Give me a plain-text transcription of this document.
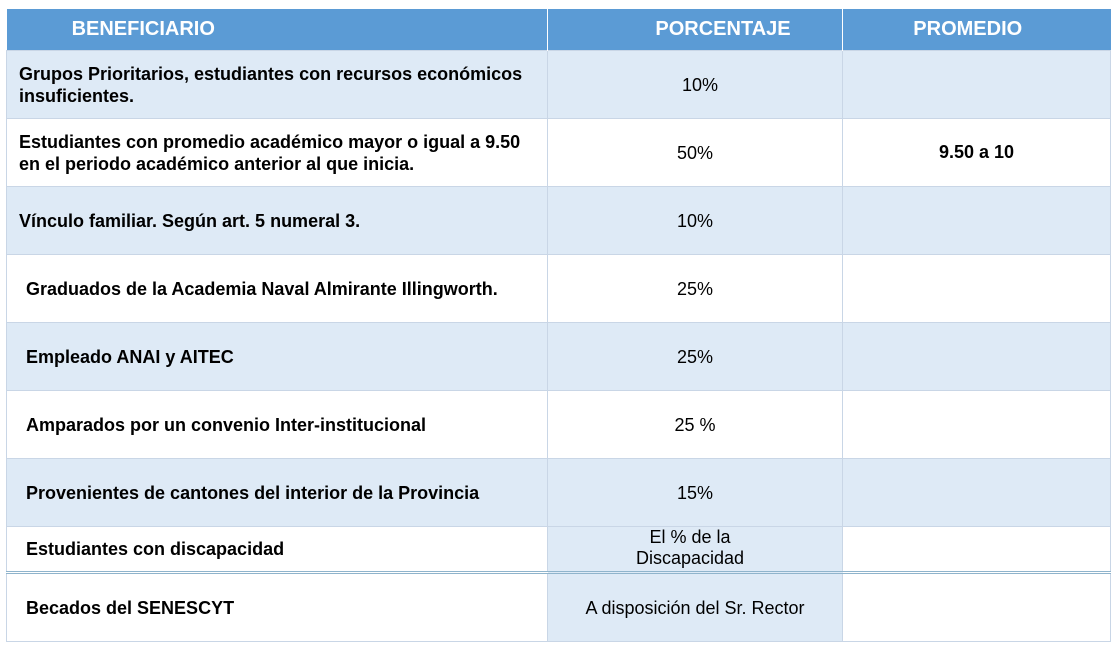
BENEFICIARIO	PORCENTAJE	PROMEDIO
Grupos Prioritarios, estudiantes con recursos económicos insuficientes.	10%	
Estudiantes con promedio académico mayor o igual a 9.50 en el periodo académico anterior al que inicia.	50%	9.50 a 10
Vínculo familiar. Según art. 5 numeral 3.	10%	
Graduados de la Academia Naval Almirante Illingworth.	25%	
Empleado ANAI y AITEC	25%	
Amparados por un convenio Inter-institucional	25 %	
Provenientes de cantones del interior de la Provincia	15%	
Estudiantes con discapacidad	El % de la Discapacidad	

Becados del SENESCYT	A disposición del Sr. Rector	
